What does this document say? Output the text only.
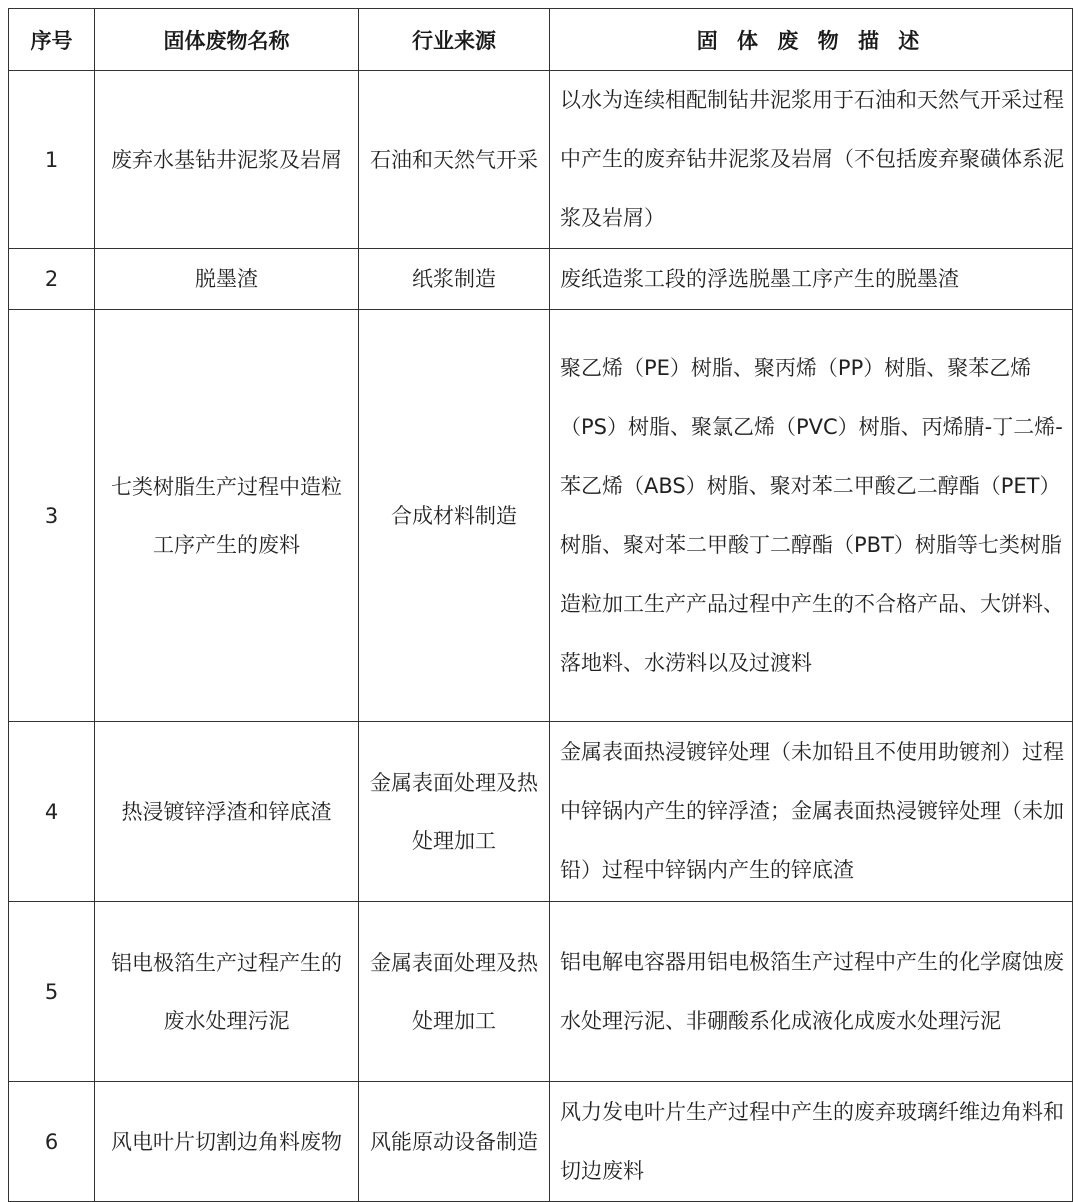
序号	固体废物名称	行业来源	固 体 废 物 描 述
1	废弃水基钻井泥浆及岩屑	石油和天然气开采	以水为连续相配制钻井泥浆用于石油和天然气开采过程中产生的废弃钻井泥浆及岩屑（不包括废弃聚磺体系泥浆及岩屑）
2	脱墨渣	纸浆制造	废纸造浆工段的浮选脱墨工序产生的脱墨渣
3	七类树脂生产过程中造粒工序产生的废料	合成材料制造	聚乙烯（PE）树脂、聚丙烯（PP）树脂、聚苯乙烯（PS）树脂、聚氯乙烯（PVC）树脂、丙烯腈-丁二烯-苯乙烯（ABS）树脂、聚对苯二甲酸乙二醇酯（PET）树脂、聚对苯二甲酸丁二醇酯（PBT）树脂等七类树脂造粒加工生产产品过程中产生的不合格产品、大饼料、落地料、水涝料以及过渡料
4	热浸镀锌浮渣和锌底渣	金属表面处理及热处理加工	金属表面热浸镀锌处理（未加铅且不使用助镀剂）过程中锌锅内产生的锌浮渣；金属表面热浸镀锌处理（未加铅）过程中锌锅内产生的锌底渣
5	铝电极箔生产过程产生的废水处理污泥	金属表面处理及热处理加工	铝电解电容器用铝电极箔生产过程中产生的化学腐蚀废水处理污泥、非硼酸系化成液化成废水处理污泥
6	风电叶片切割边角料废物	风能原动设备制造	风力发电叶片生产过程中产生的废弃玻璃纤维边角料和切边废料
